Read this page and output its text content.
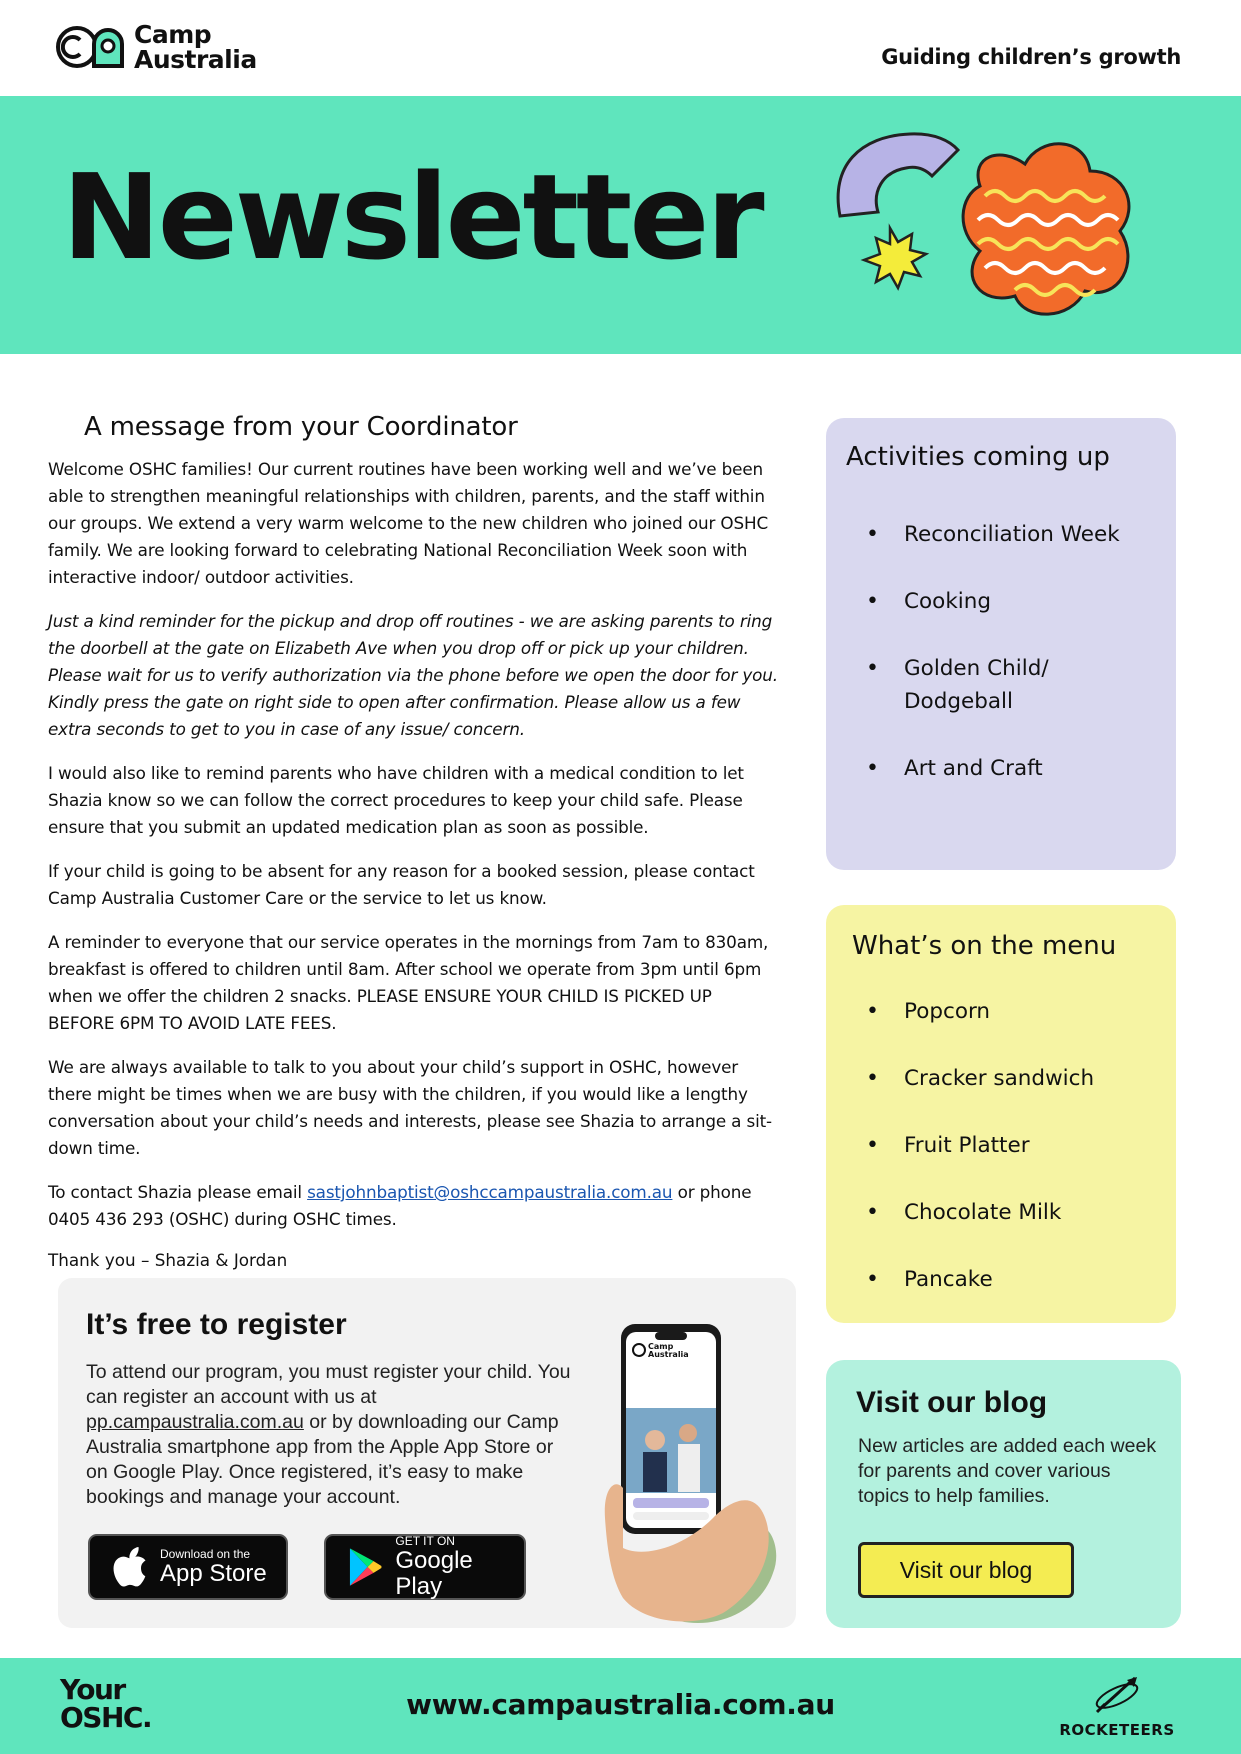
Camp
Australia	Guiding children’s growth
Newsletter
A message from your Coordinator

Welcome OSHC families! Our current routines have been working well and we’ve been able to strengthen meaningful relationships with children, parents, and the staff within our groups. We extend a very warm welcome to the new children who joined our OSHC family. We are looking forward to celebrating National Reconciliation Week soon with interactive indoor/ outdoor activities.

Just a kind reminder for the pickup and drop off routines - we are asking parents to ring the doorbell at the gate on Elizabeth Ave when you drop off or pick up your children. Please wait for us to verify authorization via the phone before we open the door for you. Kindly press the gate on right side to open after confirmation. Please allow us a few extra seconds to get to you in case of any issue/ concern.

I would also like to remind parents who have children with a medical condition to let Shazia know so we can follow the correct procedures to keep your child safe. Please ensure that you submit an updated medication plan as soon as possible.

If your child is going to be absent for any reason for a booked session, please contact Camp Australia Customer Care or the service to let us know.

A reminder to everyone that our service operates in the mornings from 7am to 830am, breakfast is offered to children until 8am. After school we operate from 3pm until 6pm when we offer the children 2 snacks. PLEASE ENSURE YOUR CHILD IS PICKED UP BEFORE 6PM TO AVOID LATE FEES.

We are always available to talk to you about your child’s support in OSHC, however there might be times when we are busy with the children, if you would like a lengthy conversation about your child’s needs and interests, please see Shazia to arrange a sit-down time.

To contact Shazia please email sastjohnbaptist@oshccampaustralia.com.au or phone 0405 436 293 (OSHC) during OSHC times.

Thank you – Shazia & Jordan
It’s free to register
To attend our program, you must register your child. You can register an account with us at pp.campaustralia.com.au or by downloading our Camp Australia smartphone app from the Apple App Store or on Google Play. Once registered, it’s easy to make bookings and manage your account.
Download on the
App Store
GET IT ON
Google Play
Camp
Australia
Activities coming up
• Reconciliation Week
• Cooking
• Golden Child/ Dodgeball
• Art and Craft
What’s on the menu
• Popcorn
• Cracker sandwich
• Fruit Platter
• Chocolate Milk
• Pancake
Visit our blog

New articles are added each week for parents and cover various topics to help families.

Visit our blog
Your
OSHC.	www.campaustralia.com.au
ROCKETEERS
